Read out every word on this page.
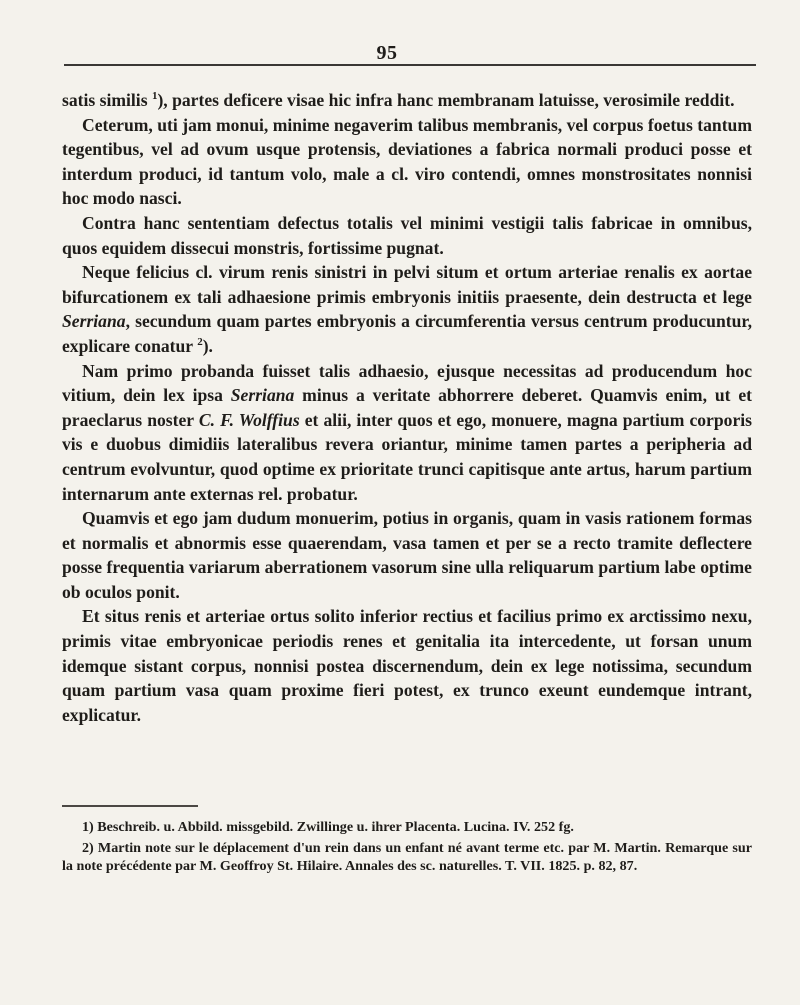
95

satis similis $^1$), partes deficere visae hic infra hanc membranam latuisse, verosimile reddit.

Ceterum, uti jam monui, minime negaverim talibus membranis, vel corpus foetus tantum tegentibus, vel ad ovum usque protensis, deviationes a fabrica normali produci posse et interdum produci, id tantum volo, male a cl. viro contendi, omnes monstrositates nonnisi hoc modo nasci.

Contra hanc sententiam defectus totalis vel minimi vestigii talis fabricae in omnibus, quos equidem dissecui monstris, fortissime pugnat.

Neque felicius cl. virum renis sinistri in pelvi situm et ortum arteriae renalis ex aortae bifurcationem ex tali adhaesione primis embryonis initiis praesente, dein destructa et lege Serriana, secundum quam partes embryonis a circumferentia versus centrum producuntur, explicare conatur $^2$).

Nam primo probanda fuisset talis adhaesio, ejusque necessitas ad producendum hoc vitium, dein lex ipsa Serriana minus a veritate abhorrere deberet. Quamvis enim, ut et praeclarus noster C. F. Wolffius et alii, inter quos et ego, monuere, magna partium corporis vis e duobus dimidiis lateralibus revera oriantur, minime tamen partes a peripheria ad centrum evolvuntur, quod optime ex prioritate trunci capitisque ante artus, harum partium internarum ante externas rel. probatur.

Quamvis et ego jam dudum monuerim, potius in organis, quam in vasis rationem formas et normalis et abnormis esse quaerendam, vasa tamen et per se a recto tramite deflectere posse frequentia variarum aberrationem vasorum sine ulla reliquarum partium labe optime ob oculos ponit.

Et situs renis et arteriae ortus solito inferior rectius et facilius primo ex arctissimo nexu, primis vitae embryonicae periodis renes et genitalia ita intercedente, ut forsan unum idemque sistant corpus, nonnisi postea discernendum, dein ex lege notissima, secundum quam partium vasa quam proxime fieri potest, ex trunco exeunt eundemque intrant, explicatur.

1) Beschreib. u. Abbild. missgebild. Zwillinge u. ihrer Placenta. Lucina. IV. 252 fg.

2) Martin note sur le déplacement d'un rein dans un enfant né avant terme etc. par M. Martin. Remarque sur la note précédente par M. Geoffroy St. Hilaire. Annales des sc. naturelles. T. VII. 1825. p. 82, 87.
